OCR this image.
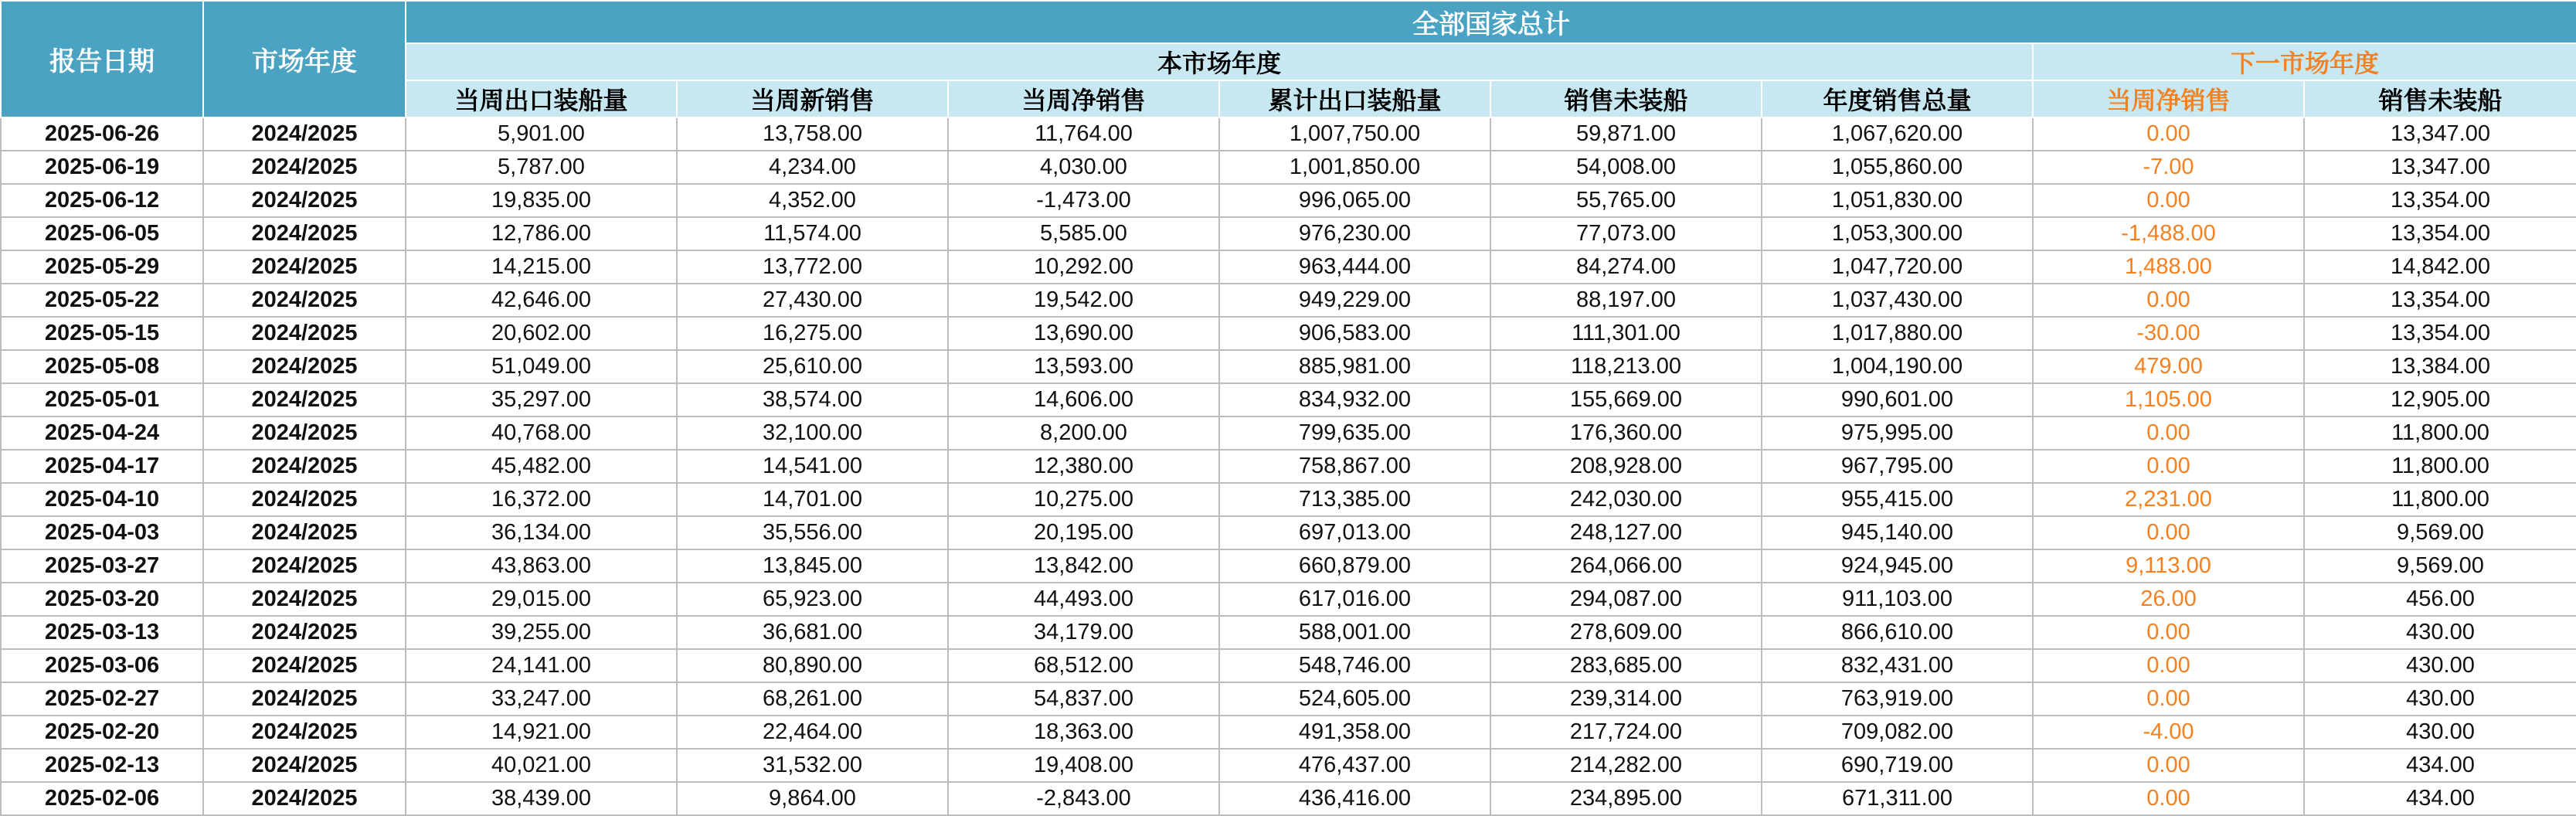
报告日期	市场年度	全部国家总计							
		本市场年度						下一市场年度	
		当周出口装船量	当周新销售	当周净销售	累计出口装船量	销售未装船	年度销售总量	当周净销售	销售未装船
2025-06-26	2024/2025	5,901.00	13,758.00	11,764.00	1,007,750.00	59,871.00	1,067,620.00	0.00	13,347.00
2025-06-19	2024/2025	5,787.00	4,234.00	4,030.00	1,001,850.00	54,008.00	1,055,860.00	-7.00	13,347.00
2025-06-12	2024/2025	19,835.00	4,352.00	-1,473.00	996,065.00	55,765.00	1,051,830.00	0.00	13,354.00
2025-06-05	2024/2025	12,786.00	11,574.00	5,585.00	976,230.00	77,073.00	1,053,300.00	-1,488.00	13,354.00
2025-05-29	2024/2025	14,215.00	13,772.00	10,292.00	963,444.00	84,274.00	1,047,720.00	1,488.00	14,842.00
2025-05-22	2024/2025	42,646.00	27,430.00	19,542.00	949,229.00	88,197.00	1,037,430.00	0.00	13,354.00
2025-05-15	2024/2025	20,602.00	16,275.00	13,690.00	906,583.00	111,301.00	1,017,880.00	-30.00	13,354.00
2025-05-08	2024/2025	51,049.00	25,610.00	13,593.00	885,981.00	118,213.00	1,004,190.00	479.00	13,384.00
2025-05-01	2024/2025	35,297.00	38,574.00	14,606.00	834,932.00	155,669.00	990,601.00	1,105.00	12,905.00
2025-04-24	2024/2025	40,768.00	32,100.00	8,200.00	799,635.00	176,360.00	975,995.00	0.00	11,800.00
2025-04-17	2024/2025	45,482.00	14,541.00	12,380.00	758,867.00	208,928.00	967,795.00	0.00	11,800.00
2025-04-10	2024/2025	16,372.00	14,701.00	10,275.00	713,385.00	242,030.00	955,415.00	2,231.00	11,800.00
2025-04-03	2024/2025	36,134.00	35,556.00	20,195.00	697,013.00	248,127.00	945,140.00	0.00	9,569.00
2025-03-27	2024/2025	43,863.00	13,845.00	13,842.00	660,879.00	264,066.00	924,945.00	9,113.00	9,569.00
2025-03-20	2024/2025	29,015.00	65,923.00	44,493.00	617,016.00	294,087.00	911,103.00	26.00	456.00
2025-03-13	2024/2025	39,255.00	36,681.00	34,179.00	588,001.00	278,609.00	866,610.00	0.00	430.00
2025-03-06	2024/2025	24,141.00	80,890.00	68,512.00	548,746.00	283,685.00	832,431.00	0.00	430.00
2025-02-27	2024/2025	33,247.00	68,261.00	54,837.00	524,605.00	239,314.00	763,919.00	0.00	430.00
2025-02-20	2024/2025	14,921.00	22,464.00	18,363.00	491,358.00	217,724.00	709,082.00	-4.00	430.00
2025-02-13	2024/2025	40,021.00	31,532.00	19,408.00	476,437.00	214,282.00	690,719.00	0.00	434.00
2025-02-06	2024/2025	38,439.00	9,864.00	-2,843.00	436,416.00	234,895.00	671,311.00	0.00	434.00
